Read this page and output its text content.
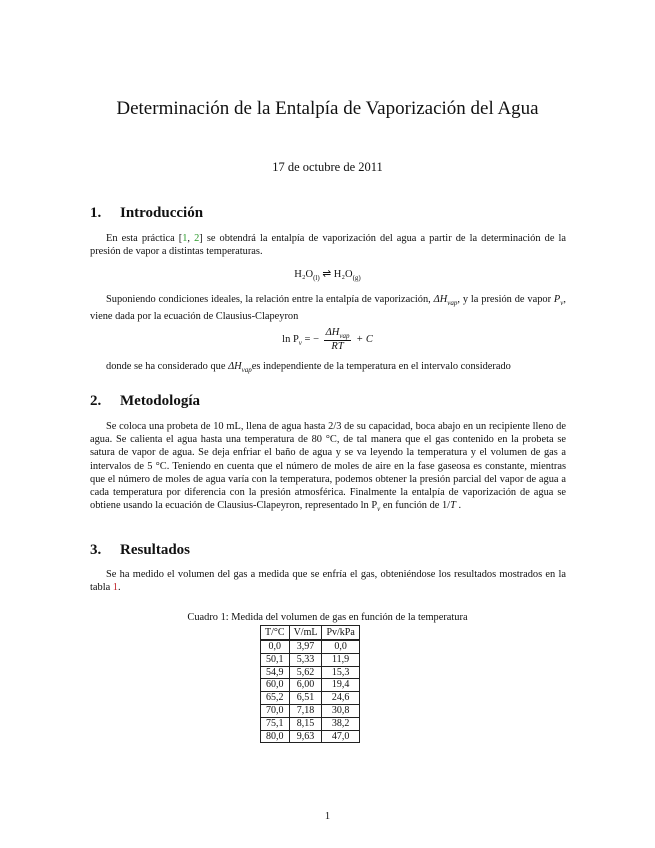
Determinación de la Entalpía de Vaporización del Agua
17 de octubre de 2011
1. Introducción
En esta práctica [1, 2] se obtendrá la entalpía de vaporización del agua a partir de la determinación de la presión de vapor a distintas temperaturas.
$H_2O_{(l)}$ ⇌ $H_2O_{(g)}$
Suponiendo condiciones ideales, la relación entre la entalpía de vaporización, $\Delta H_{vap}$, y la presión de vapor $P_v$, viene dada por la ecuación de Clausius-Clapeyron
$\ln P_v$ = − $\frac{\Delta H_{vap}}{RT} + C$
donde se ha considerado que $\Delta H_{vap}es$ independiente de la temperatura en el intervalo considerado
2. Metodología
Se coloca una probeta de 10 mL, llena de agua hasta 2/3 de su capacidad, boca abajo en un recipiente lleno de agua. Se calienta el agua hasta una temperatura de 80 °C, de tal manera que el gas contenido en la probeta se satura de vapor de agua. Se deja enfriar el baño de agua y se va leyendo la temperatura y el volumen de gas a intervalos de 5 °C. Teniendo en cuenta que el número de moles de aire en la fase gaseosa es constante, mientras que el número de moles de agua varía con la temperatura, podemos obtener la presión parcial del vapor de agua a cada temperatura por diferencia con la presión atmosférica. Finalmente la entalpía de vaporización de agua se obtiene usando la ecuación de Clausius-Clapeyron, representado $\ln P_v$ en función de 1/T .
3. Resultados
Se ha medido el volumen del gas a medida que se enfría el gas, obteniéndose los resultados mostrados en la tabla 1.
Cuadro 1: Medida del volumen de gas en función de la temperatura
T/°C	V/mL	Pv/kPa
0,0	3,97	0,0
50,1	5,33	11,9
54,9	5,62	15,3
60,0	6,00	19,4
65,2	6,51	24,6
70,0	7,18	30,8
75,1	8,15	38,2
80,0	9,63	47,0
1
